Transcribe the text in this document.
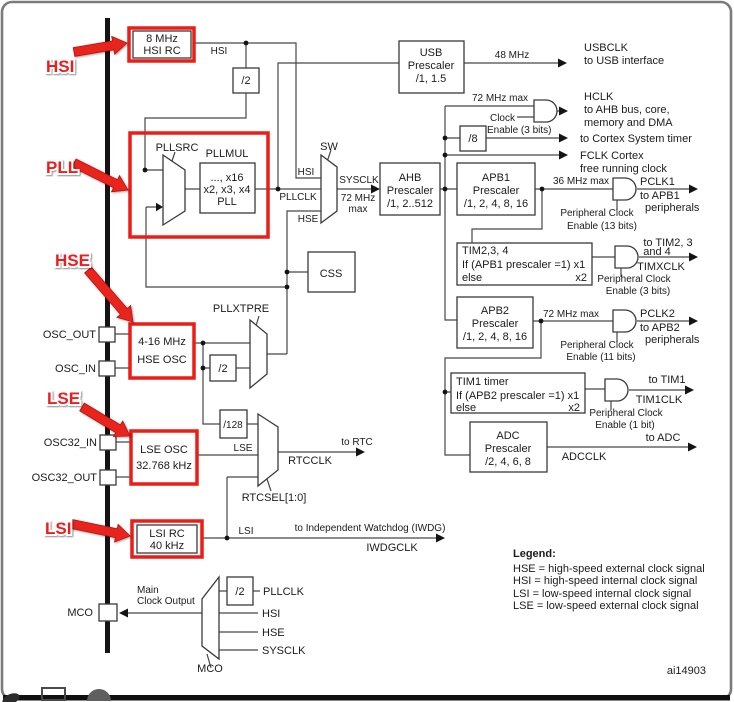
HSI
PLL
HSE
LSE
LSI
8 MHz
HSI RC	HSI
/2
PLLSRC PLLMUL
..., x16
x2, x3, x4
PLL
HSI
PLLCLK
HSE
SW
SYSCLK
72 MHz
max
USB
Prescaler
/1, 1.5
48 MHz
USBCLK
to USB interface
72 MHz max	HCLK
to AHB bus, core,
memory and DMA
Clock
Enable (3 bits)
/8	to Cortex System timer
FCLK Cortex
free running clock
AHB
Prescaler
/1, 2..512
APB1
Prescaler
/1, 2, 4, 8, 16
36 MHz max	PCLK1
to APB1
peripherals
Peripheral Clock
Enable (13 bits)
TIM2,3, 4
If (APB1 prescaler =1) x1
else	x2
to TIM2, 3
and 4
TIMXCLK
Peripheral Clock
Enable (3 bits)
CSS
PLLXTPRE
/2
APB2
Prescaler
/1, 2, 4, 8, 16
72 MHz max	PCLK2
to APB2
peripherals
Peripheral Clock
Enable (11 bits)
TIM1 timer
If (APB2 prescaler =1) x1
else	x2
to TIM1
TIM1CLK
Peripheral Clock
Enable (1 bit)
ADC
Prescaler
/2, 4, 6, 8	ADCCLK
to ADC
4-16 MHz
HSE OSC
OSC_OUT
OSC_IN
OSC32_IN
OSC32_OUT
MCO
/128
LSE OSC
32.768 kHz
LSE
RTCCLK
to RTC
RTCSEL[1:0]
LSI RC
40 kHz
LSI	to Independent Watchdog (IWDG)
IWDGCLK
Main
Clock Output
/2 PLLCLK
HSI
HSE
SYSCLK
MCO
Legend:
HSE = high-speed external clock signal
HSI = high-speed internal clock signal
LSI = low-speed internal clock signal
LSE = low-speed external clock signal
ai14903
